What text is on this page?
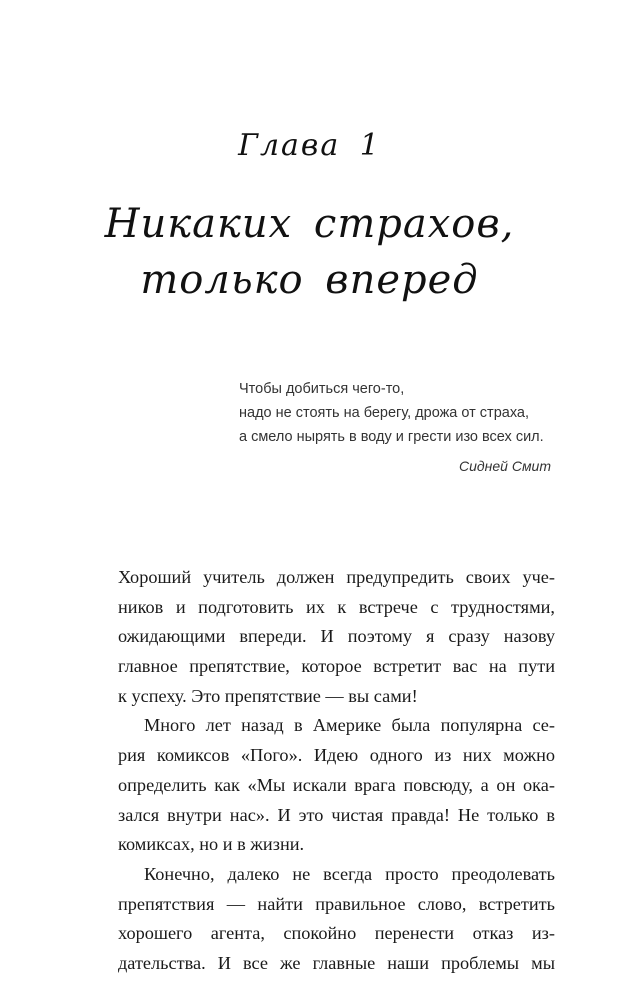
Глава 1
Никаких страхов,
только вперед
Чтобы добиться чего-то,
надо не стоять на берегу, дрожа от страха,
а смело нырять в воду и грести изо всех сил.
Сидней Смит
Хороший учитель должен предупредить своих уче-
ников и подготовить их к встрече с трудностями,
ожидающими впереди. И поэтому я сразу назову
главное препятствие, которое встретит вас на пути
к успеху. Это препятствие — вы сами!
Много лет назад в Америке была популярна се-
рия комиксов «Пого». Идею одного из них можно
определить как «Мы искали врага повсюду, а он ока-
зался внутри нас». И это чистая правда! Не только в
комиксах, но и в жизни.
Конечно, далеко не всегда просто преодолевать
препятствия — найти правильное слово, встретить
хорошего агента, спокойно перенести отказ из-
дательства. И все же главные наши проблемы мы
